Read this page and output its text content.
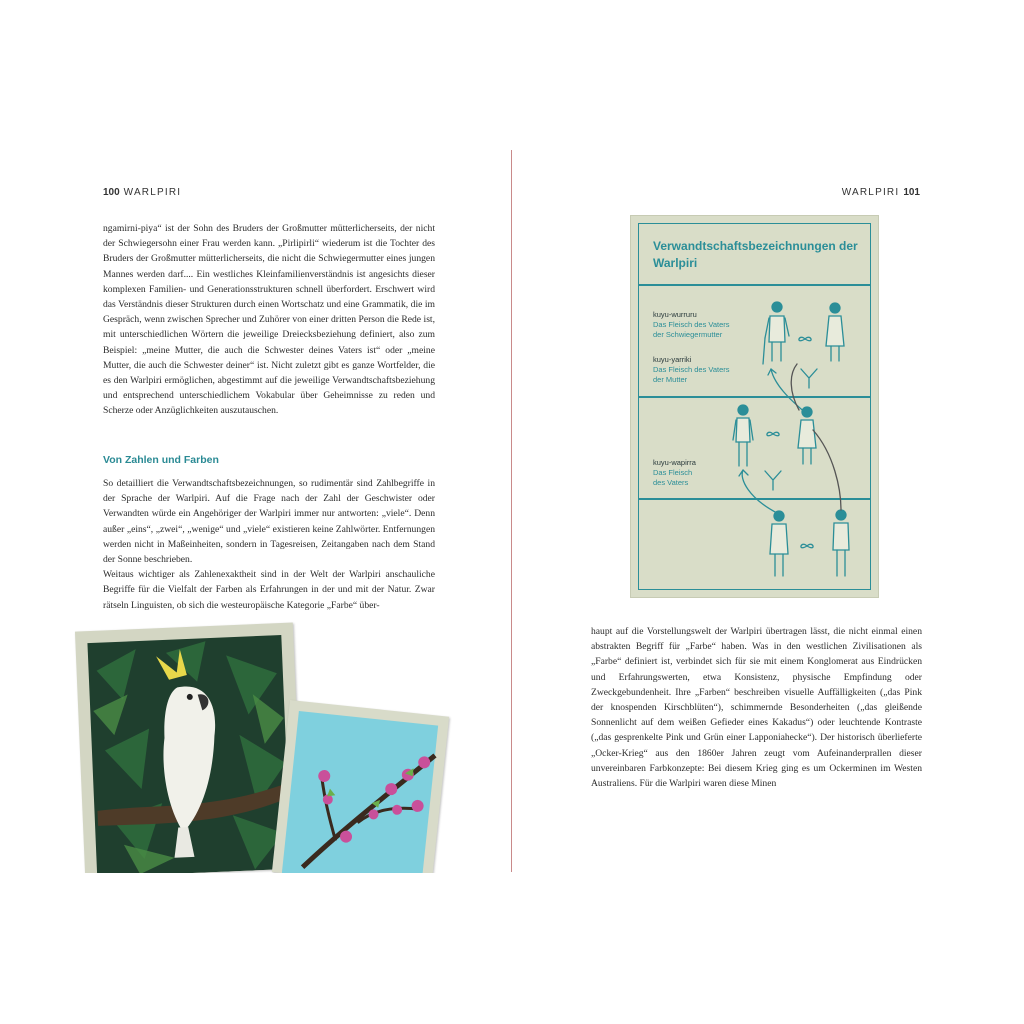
100 WARLPIRI	WARLPIRI 101

ngamirni-piya“ ist der Sohn des Bruders der Großmutter mütterlicherseits, der nicht der Schwiegersohn einer Frau werden kann. „Pirlipirli“ wiederum ist die Tochter des Bruders der Großmutter mütterlicherseits, die nicht die Schwiegermutter eines jungen Mannes werden darf.... Ein westliches Kleinfamilienverständnis ist angesichts dieser komplexen Familien- und Generationsstrukturen schnell überfordert. Erschwert wird das Verständnis dieser Strukturen durch einen Wortschatz und eine Grammatik, die im Gespräch, wenn zwischen Sprecher und Zuhörer von einer dritten Person die Rede ist, mit unterschiedlichen Wörtern die jeweilige Dreiecksbeziehung definiert, also zum Beispiel: „meine Mutter, die auch die Schwester deines Vaters ist“ oder „meine Mutter, die auch die Schwester deiner“ ist. Nicht zuletzt gibt es ganze Wortfelder, die es den Warlpiri ermöglichen, abgestimmt auf die jeweilige Verwandtschaftsbeziehung und entsprechend unterschiedlichem Vokabular über Geheimnisse zu reden und Scherze oder Anzüglichkeiten auszutauschen.

Von Zahlen und Farben

So detailliert die Verwandtschaftsbezeichnungen, so rudimentär sind Zahlbegriffe in der Sprache der Warlpiri. Auf die Frage nach der Zahl der Geschwister oder Verwandten würde ein Angehöriger der Warlpiri immer nur antworten: „viele“. Denn außer „eins“, „zwei“, „wenige“ und „viele“ existieren keine Zahlwörter. Entfernungen werden nicht in Maßeinheiten, sondern in Tagesreisen, Zeitangaben nach dem Stand der Sonne beschrieben.

Weitaus wichtiger als Zahlenexaktheit sind in der Welt der Warlpiri anschauliche Begriffe für die Vielfalt der Farben als Erfahrungen in der und mit der Natur. Zwar rätseln Linguisten, ob sich die westeuropäische Kategorie „Farbe“ über-

haupt auf die Vorstellungswelt der Warlpiri übertragen lässt, die nicht einmal einen abstrakten Begriff für „Farbe“ haben. Was in den westlichen Zivilisationen als „Farbe“ definiert ist, verbindet sich für sie mit einem Konglomerat aus Eindrücken und Erfahrungswerten, etwa Konsistenz, physische Empfindung oder Zweckgebundenheit. Ihre „Farben“ beschreiben visuelle Auffälligkeiten („das Pink der knospenden Kirschblüten“), schimmernde Besonderheiten („das gleißende Sonnenlicht auf dem weißen Gefieder eines Kakadus“) oder leuchtende Kontraste („das gesprenkelte Pink und Grün einer Lapponiahecke“). Der historisch überlieferte „Ocker-Krieg“ aus den 1860er Jahren zeugt vom Aufeinanderprallen dieser unvereinbaren Farbkonzepte: Bei diesem Krieg ging es um Ockerminen im Westen Australiens. Für die Warlpiri waren diese Minen

Verwandtschaftsbezeichnungen der Warlpiri
kuyu-wurruru
Das Fleisch des Vaters
der Schwiegermutter
kuyu-yarriki
Das Fleisch des Vaters
der Mutter
kuyu-wapirra
Das Fleisch
des Vaters
